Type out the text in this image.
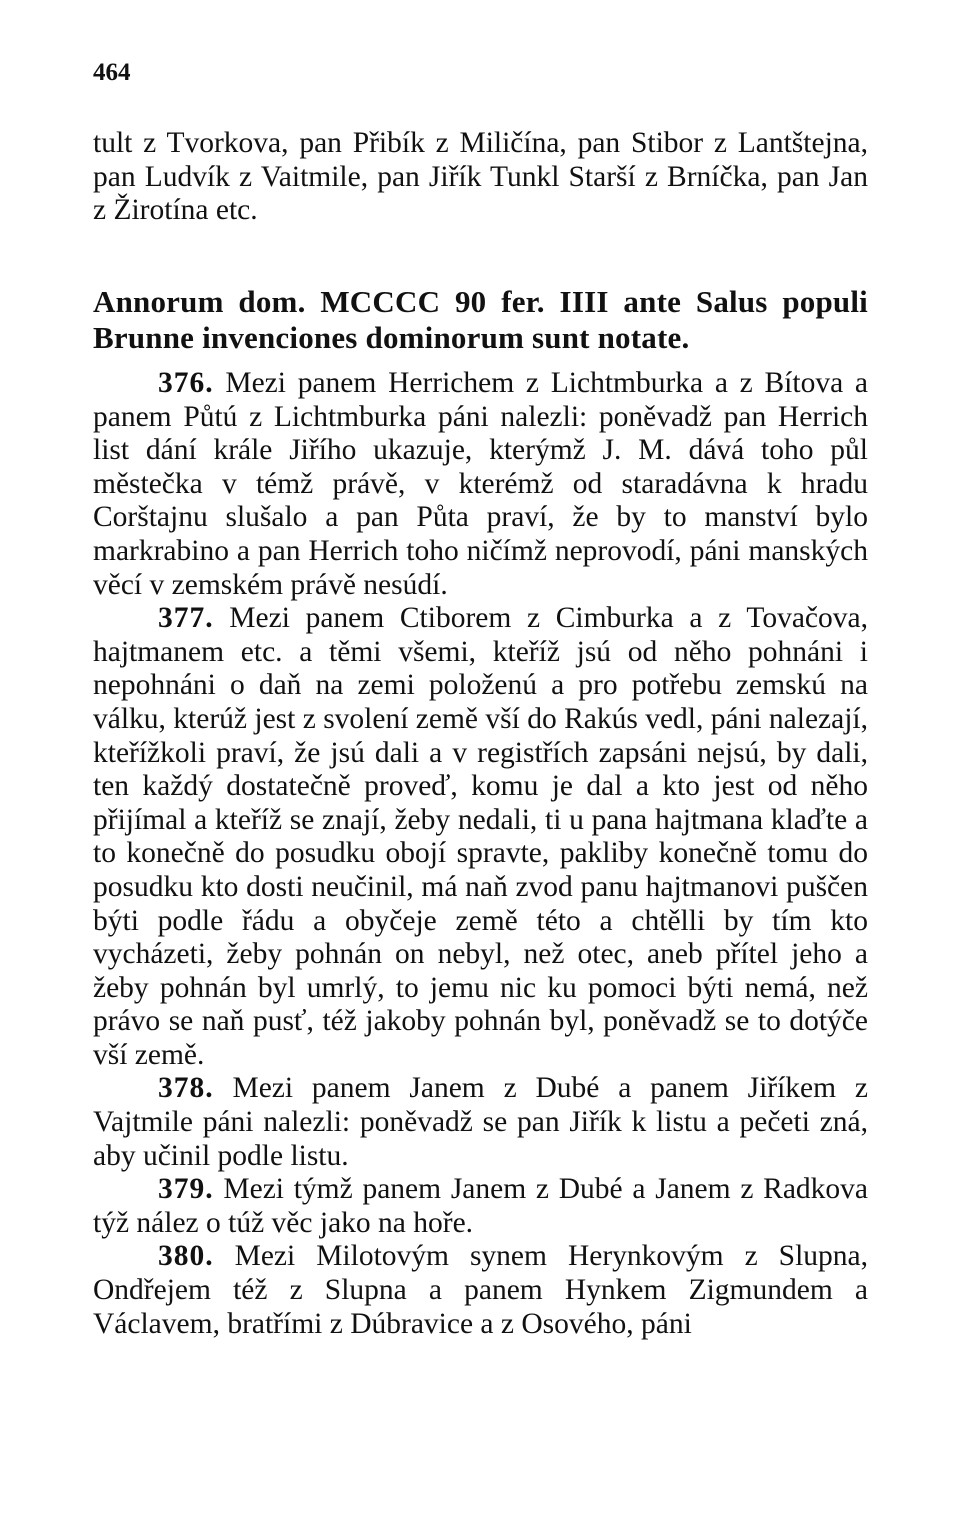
464
tult z Tvorkova, pan Přibík z Miličína, pan Stibor z Lantštejna, pan Ludvík z Vaitmile, pan Jiřík Tunkl Starší z Brníčka, pan Jan z Žirotína etc.
Annorum dom. MCCCC 90 fer. IIII ante Salus populi Brunne invenciones dominorum sunt notate.

376. Mezi panem Herrichem z Lichtmburka a z Bítova a panem Půtú z Lichtmburka páni nalezli: poněvadž pan Herrich list dání krále Jiřího ukazuje, kterýmž J. M. dává toho půl městečka v témž právě, v kterémž od staradávna k hradu Corštajnu slušalo a pan Půta praví, že by to manství bylo markrabino a pan Herrich toho ničímž neprovodí, páni manských věcí v zemském právě nesúdí.

377. Mezi panem Ctiborem z Cimburka a z Tovačova, hajtmanem etc. a těmi všemi, kteříž jsú od něho pohnáni i nepohnáni o daň na zemi položenú a pro potřebu zemskú na válku, kterúž jest z svolení země vší do Rakús vedl, páni nalezají, kteřížkoli praví, že jsú dali a v registřích zapsáni nejsú, by dali, ten každý dostatečně proveď, komu je dal a kto jest od něho přijímal a kteříž se znají, žeby nedali, ti u pana hajtmana klaďte a to konečně do posudku obojí spravte, pakliby konečně tomu do posudku kto dosti neučinil, má naň zvod panu hajtmanovi puščen býti podle řádu a obyčeje země této a chtělli by tím kto vycházeti, žeby pohnán on nebyl, než otec, aneb přítel jeho a žeby pohnán byl umrlý, to jemu nic ku pomoci býti nemá, než právo se naň pusť, též jakoby pohnán byl, poněvadž se to dotýče vší země.

378. Mezi panem Janem z Dubé a panem Jiříkem z Vajtmile páni nalezli: poněvadž se pan Jiřík k listu a pečeti zná, aby učinil podle listu.

379. Mezi týmž panem Janem z Dubé a Janem z Radkova týž nález o túž věc jako na hoře.

380. Mezi Milotovým synem Herynkovým z Slupna, Ondřejem též z Slupna a panem Hynkem Zigmundem a Václavem, bratřími z Dúbravice a z Osového, páni
